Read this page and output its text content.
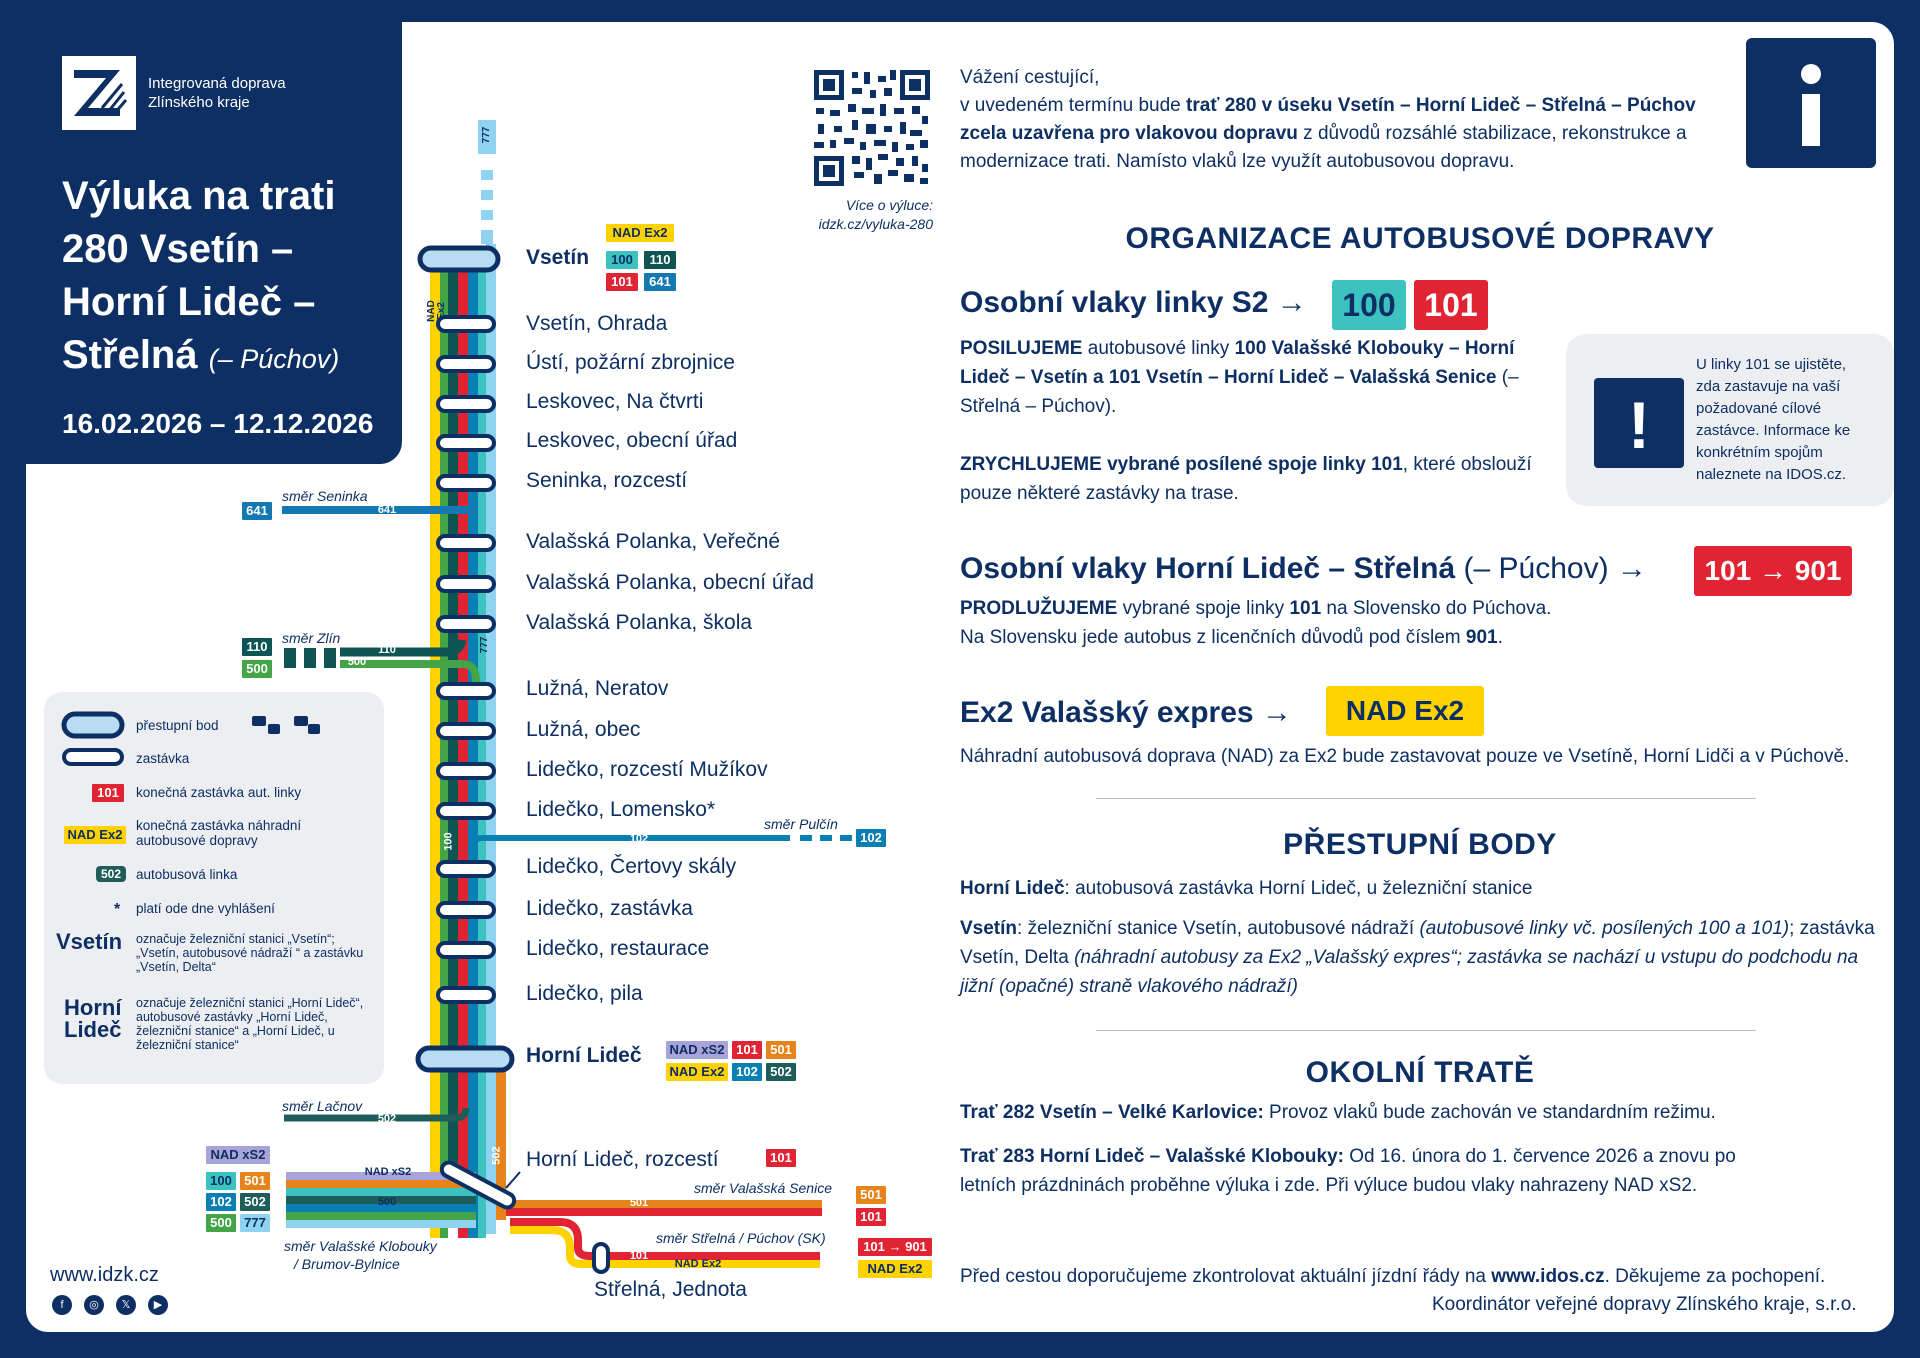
Integrovaná doprava
Zlínského kraje
Výluka na trati
280 Vsetín –
Horní Lideč –
Střelná (– Púchov)
16.02.2026 – 12.12.2026
Více o výluce:
idzk.cz/vyluka-280
Vážení cestující,
v uvedeném termínu bude trať 280 v úseku Vsetín – Horní Lideč – Střelná – Púchov zcela uzavřena pro vlakovou dopravu z důvodů rozsáhlé stabilizace, rekonstrukce a modernizace trati. Namísto vlaků lze využít autobusovou dopravu.
ORGANIZACE AUTOBUSOVÉ DOPRAVY
Osobní vlaky linky S2 →	100 101
POSILUJEME autobusové linky 100 Valašské Klobouky – Horní Lideč – Vsetín a 101 Vsetín – Horní Lideč – Valašská Senice (– Střelná – Púchov).
ZRYCHLUJEME vybrané posílené spoje linky 101, které obslouží pouze některé zastávky na trase.
!
U linky 101 se ujistěte, zda zastavuje na vaší požadované cílové zastávce. Informace ke konkrétním spojům naleznete na IDOS.cz.
Osobní vlaky Horní Lideč – Střelná (– Púchov) →	101 → 901
PRODLUŽUJEME vybrané spoje linky 101 na Slovensko do Púchova.
Na Slovensku jede autobus z licenčních důvodů pod číslem 901.
Ex2 Valašský expres →	NAD Ex2
Náhradní autobusová doprava (NAD) za Ex2 bude zastavovat pouze ve Vsetíně, Horní Lidči a v Púchově.
PŘESTUPNÍ BODY
Horní Lideč: autobusová zastávka Horní Lideč, u železniční stanice
Vsetín: železniční stanice Vsetín, autobusové nádraží (autobusové linky vč. posílených 100 a 101); zastávka Vsetín, Delta (náhradní autobusy za Ex2 „Valašský expres“; zastávka se nachází u vstupu do podchodu na jižní (opačné) straně vlakového nádraží)
OKOLNÍ TRATĚ
Trať 282 Vsetín – Velké Karlovice: Provoz vlaků bude zachován ve standardním režimu.
Trať 283 Horní Lideč – Valašské Klobouky: Od 16. února do 1. července 2026 a znovu po letních prázdninách proběhne výluka i zde. Při výluce budou vlaky nahrazeny NAD xS2.
Před cestou doporučujeme zkontrolovat aktuální jízdní řády na www.idos.cz. Děkujeme za pochopení.
Koordinátor veřejné dopravy Zlínského kraje, s.r.o.
www.idzk.cz
f	◎	𝕏	▶
přestupní bod
zastávka
101	konečná zastávka aut. linky
NAD Ex2
konečná zastávka náhradní autobusové dopravy
502	autobusová linka
* platí ode dne vyhlášení
Vsetín označuje železniční stanici „Vsetín“; „Vsetín, autobusové nádraží “ a zastávku „Vsetín, Delta“
Horní
Lideč
označuje železniční stanici „Horní Lideč“, autobusové zastávky „Horní Lideč, železniční stanice“ a „Horní Lideč, u železniční stanice“
777
NAD Ex2
777
100
502
641
110
500
102
502
NAD xS2
500	501
101
NAD Ex2
Vsetín
Vsetín, Ohrada
Ústí, požární zbrojnice
Leskovec, Na čtvrti
Leskovec, obecní úřad
Seninka, rozcestí
Valašská Polanka, Veřečné
Valašská Polanka, obecní úřad
Valašská Polanka, škola
Lužná, Neratov
Lužná, obec
Lidečko, rozcestí Mužíkov
Lidečko, Lomensko*
Lidečko, Čertovy skály
Lidečko, zastávka
Lidečko, restaurace
Lidečko, pila
Horní Lideč
Horní Lideč, rozcestí
Střelná, Jednota
NAD Ex2
100	110
101	641
NAD xS2 101 501
NAD Ex2 102 502
101
641
110
500
NAD xS2
100 501
102 502
500 777
102
501
101
101 → 901
NAD Ex2
směr Seninka
směr Zlín
směr Pulčín
směr Lačnov
směr Valašská Senice
směr Střelná / Púchov (SK)
směr Valašské Klobouky
/ Brumov-Bylnice
